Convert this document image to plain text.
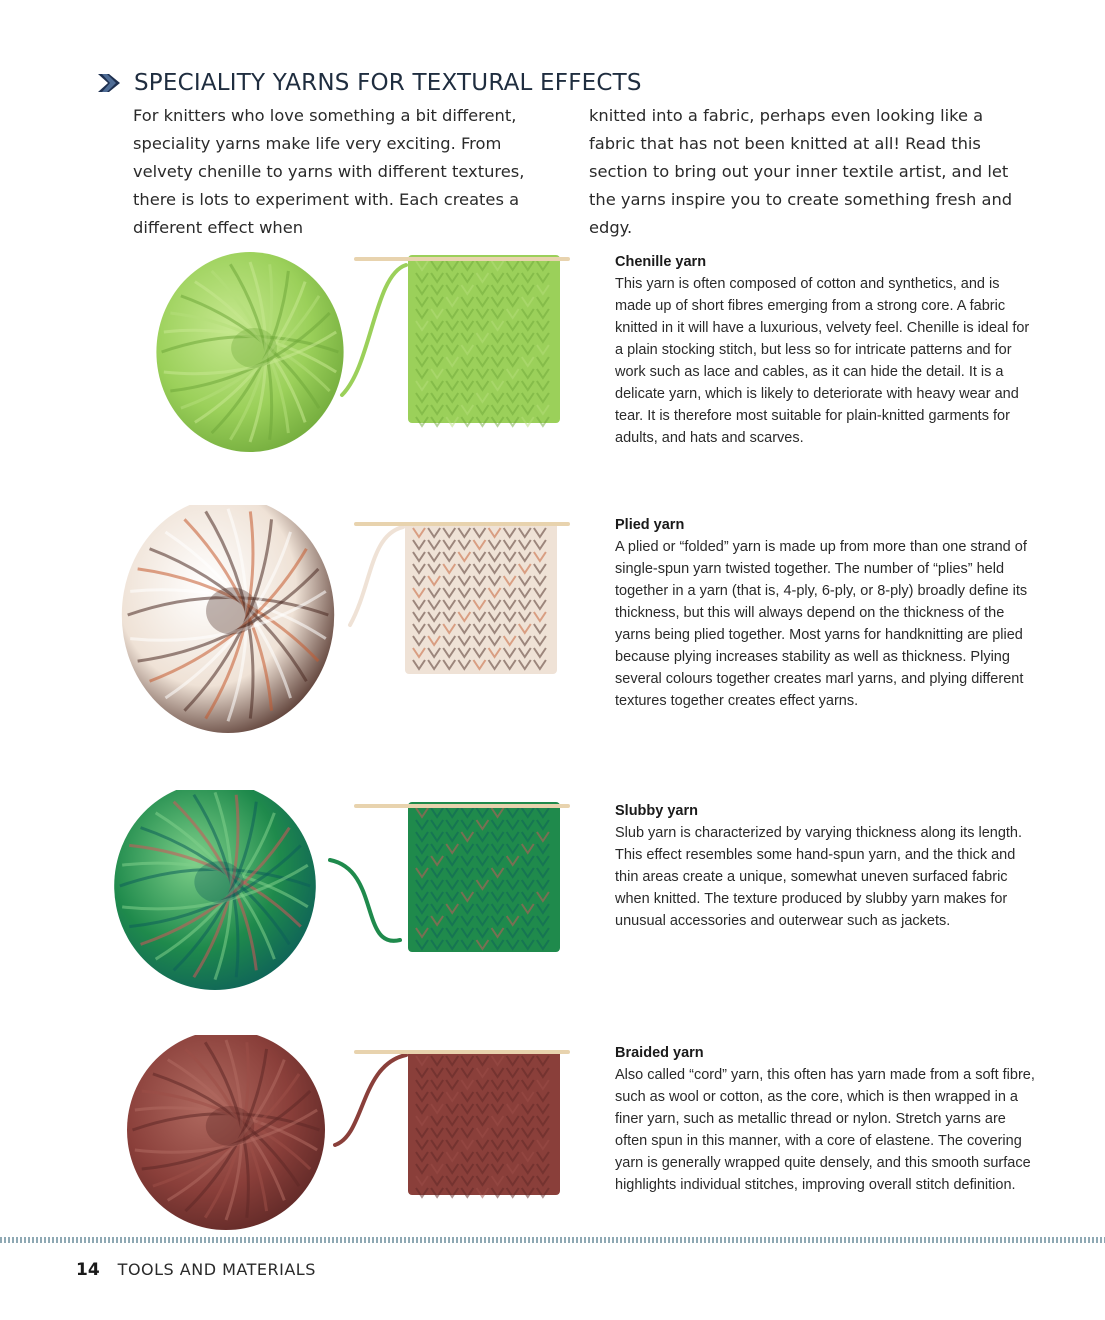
SPECIALITY YARNS FOR TEXTURAL EFFECTS
For knitters who love something a bit different, speciality yarns make life very exciting. From velvety chenille to yarns with different textures, there is lots to experiment with. Each creates a different effect when
knitted into a fabric, perhaps even looking like a fabric that has not been knitted at all! Read this section to bring out your inner textile artist, and let the yarns inspire you to create something fresh and edgy.
Chenille yarn
This yarn is often composed of cotton and synthetics, and is made up of short fibres emerging from a strong core. A fabric knitted in it will have a luxurious, velvety feel. Chenille is ideal for a plain stocking stitch, but less so for intricate patterns and for work such as lace and cables, as it can hide the detail. It is a delicate yarn, which is likely to deteriorate with heavy wear and tear. It is therefore most suitable for plain-knitted garments for adults, and hats and scarves.
Plied yarn
A plied or “folded” yarn is made up from more than one strand of single-spun yarn twisted together. The number of “plies” held together in a yarn (that is, 4-ply, 6-ply, or 8-ply) broadly define its thickness, but this will always depend on the thickness of the yarns being plied together. Most yarns for handknitting are plied because plying increases stability as well as thickness. Plying several colours together creates marl yarns, and plying different textures together creates effect yarns.
Slubby yarn
Slub yarn is characterized by varying thickness along its length. This effect resembles some hand-spun yarn, and the thick and thin areas create a unique, somewhat uneven surfaced fabric when knitted. The texture produced by slubby yarn makes for unusual accessories and outerwear such as jackets.
Braided yarn
Also called “cord” yarn, this often has yarn made from a soft fibre, such as wool or cotton, as the core, which is then wrapped in a finer yarn, such as metallic thread or nylon. Stretch yarns are often spun in this manner, with a core of elastene. The covering yarn is generally wrapped quite densely, and this smooth surface highlights individual stitches, improving overall stitch definition.
14 TOOLS AND MATERIALS
